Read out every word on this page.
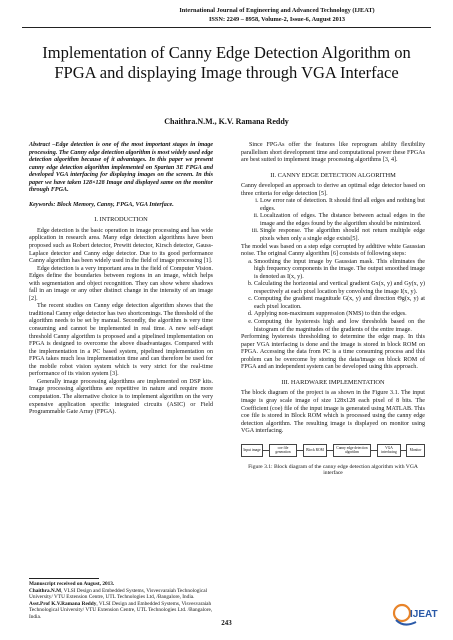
International Journal of Engineering and Advanced Technology (IJEAT)
ISSN: 2249 – 8958, Volume-2, Issue-6, August 2013
Implementation of Canny Edge Detection Algorithm on FPGA and displaying Image through VGA Interface
Chaithra.N.M., K.V. Ramana Reddy

Abstract –Edge detection is one of the most important stages in image processing. The Canny edge detection algorithm is most widely used edge detection algorithm because of it advantages. In this paper we present canny edge detection algorithm implemented on Spartan 3E FPGA and developed VGA interfacing for displaying images on the screen. In this paper we have taken 128×128 Image and displayed same on the monitor through FPGA.

Keywords: Block Memory, Canny, FPGA, VGA Interface.

I. INTRODUCTION

Edge detection is the basic operation in image processing and has wide application in research area. Many edge detection algorithms have been proposed such as Robert detector, Prewitt detector, Kirsch detector, Gauss-Laplace detector and Canny edge detector. Due to its good performance Canny algorithm has been widely used in the field of image processing [1].

Edge detection is a very important area in the field of Computer Vision. Edges define the boundaries between regions in an image, which helps with segmentation and object recognition. They can show where shadows fall in an image or any other distinct change in the intensity of an image [2].

The recent studies on Canny edge detection algorithm shows that the traditional Canny edge detector has two shortcomings. The threshold of the algorithm needs to be set by manual. Secondly, the algorithm is very time consuming and cannot be implemented in real time. A new self-adapt threshold Canny algorithm is proposed and a pipelined implementation on FPGA is designed to overcome the above disadvantages. Compared with the implementation in a PC based system, pipelined implementation on FPGA takes much less implementation time and can therefore be used for the mobile robot vision system which is very strict for the real-time performance of its vision system [3].

Generally image processing algorithms are implemented on DSP kits. Image processing algorithms are repetitive in nature and require more computation. The alternative choice is to implement algorithm on the very expensive application specific integrated circuits (ASIC) or Field Programmable Gate Array (FPGA).

Manuscript received on August, 2013.
Chaithra.N.M, VLSI Design and Embedded Systems, Visvesvaraiah Technological University/ VTU Extension Centre, UTL Technologies Ltd, /Bangalore, India.
Asst.Prof K.V.Ramana Reddy, VLSI Design and Embedded Systems, Visvesvaraiah Technological University/ VTU Extension Centre, UTL Technologies Ltd. /Bangalore, India.

Since FPGAs offer the features like reprogram ability flexibility parallelism short development time and computational power these FPGAs are best suited to implement image processing algorithms [3, 4].

II. CANNY EDGE DETECTION ALGORITHM

Canny developed an approach to derive an optimal edge detector based on three criteria for edge detection [5].

i. Low error rate of detection. It should find all edges and nothing but edges.
ii. Localization of edges. The distance between actual edges in the image and the edges found by the algorithm should be minimized.
iii. Single response. The algorithm should not return multiple edge pixels when only a single edge exists[5].

The model was based on a step edge corrupted by additive white Gaussian noise. The original Canny algorithm [6] consists of following steps:

a. Smoothing the input image by Gaussian mask. This eliminates the high frequency components in the image. The output smoothed image is denoted as I(x, y).
b. Calculating the horizontal and vertical gradient Gx(x, y) and Gy(x, y) respectively at each pixel location by convolving the image I(x, y).
c. Computing the gradient magnitude G(x, y) and direction Θg(x, y) at each pixel location.
d. Applying non-maximum suppression (NMS) to thin the edges.
e. Computing the hysteresis high and low thresholds based on the histogram of the magnitudes of the gradients of the entire image.

Performing hysteresis thresholding to determine the edge map. In this paper VGA interfacing is done and the image is stored in block ROM on FPGA. Accessing the data from PC is a time consuming process and this problem can be overcome by storing the data/image on block ROM of FPGA and an independent system can be developed using this approach.

III. HARDWARE IMPLEMENTATION

The block diagram of the project is as shown in the Figure 3.1. The input image is gray scale image of size 128x128 each pixel of 8 bits. The Coefficient (coe) file of the input image is generated using MATLAB. This coe file is stored in Block ROM which is processed using the canny edge detection algorithm. The resulting image is displayed on monitor using VGA interfacing.

Input image	coe file generation	Block ROM	Canny edge detection algorithm
VGA interfacing	Monitor
Figure 3.1: Block diagram of the canny edge detection algorithm with VGA interface
243
IJEAT
